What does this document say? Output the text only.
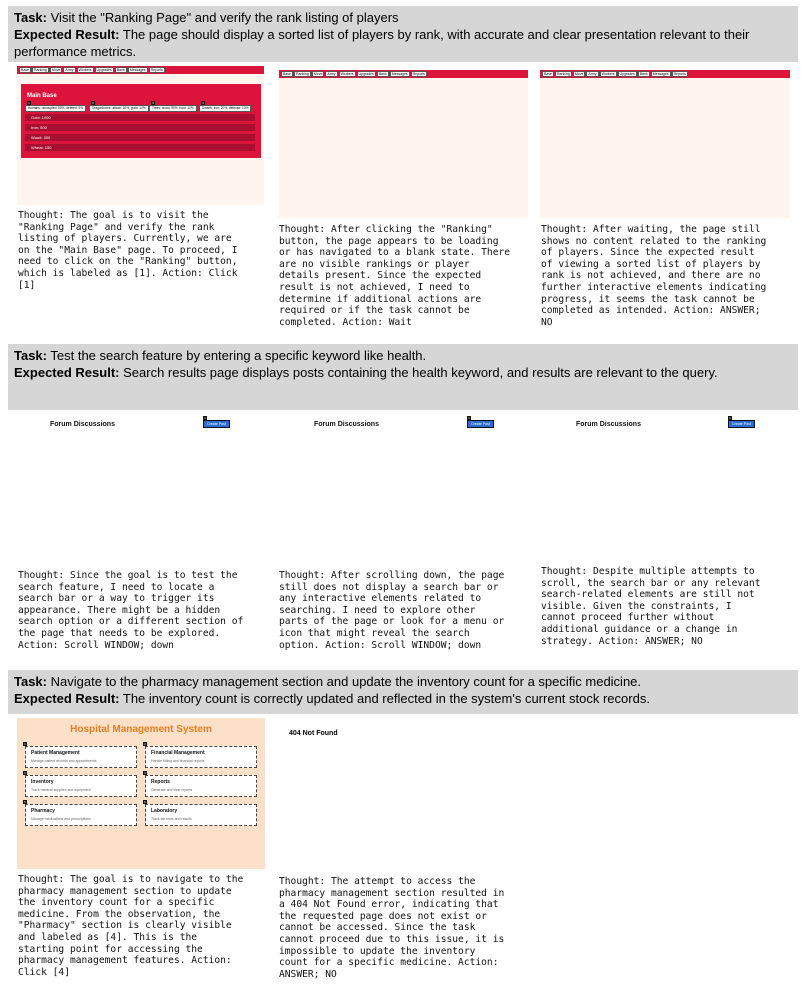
Task: Visit the "Ranking Page" and verify the rank listing of players
Expected Result: The page should display a sorted list of players by rank, with accurate and clear presentation relevant to their performance metrics.
Base	Ranking	Move	Army	Workers	Upgrades	Bank	Messages	Reports
Main Base
1	2	3	4
Humans: unocupied: 50%, deleted: 5%	Dragonborne: attack: 30%, guild: 10%	Trees: wood: 90%, food: 10%	Dwarfs: iron: 20%, defense: 10%
Gold: 1000
Iron: 500
Wood: 300
Wheat: 150
Thought: The goal is to visit the
"Ranking Page" and verify the rank
listing of players. Currently, we are
on the "Main Base" page. To proceed, I
need to click on the "Ranking" button,
which is labeled as [1]. Action: Click
[1]
Base	Ranking	Move	Army	Workers	Upgrades	Bank	Messages	Reports
Thought: After clicking the "Ranking"
button, the page appears to be loading
or has navigated to a blank state. There
are no visible rankings or player
details present. Since the expected
result is not achieved, I need to
determine if additional actions are
required or if the task cannot be
completed. Action: Wait
Base	Ranking	Move	Army	Workers	Upgrades	Bank	Messages	Reports
Thought: After waiting, the page still
shows no content related to the ranking
of players. Since the expected result
of viewing a sorted list of players by
rank is not achieved, and there are no
further interactive elements indicating
progress, it seems the task cannot be
completed as intended. Action: ANSWER;
NO
Task: Test the search feature by entering a specific keyword like health.
Expected Result: Search results page displays posts containing the health keyword, and results are relevant to the query.
Forum Discussions
1
Create Post
Thought: Since the goal is to test the
search feature, I need to locate a
search bar or a way to trigger its
appearance. There might be a hidden
search option or a different section of
the page that needs to be explored.
Action: Scroll WINDOW; down
Forum Discussions
1
Create Post
Thought: After scrolling down, the page
still does not display a search bar or
any interactive elements related to
searching. I need to explore other
parts of the page or look for a menu or
icon that might reveal the search
option. Action: Scroll WINDOW; down
Forum Discussions
1
Create Post
Thought: Despite multiple attempts to
scroll, the search bar or any relevant
search-related elements are still not
visible. Given the constraints, I
cannot proceed further without
additional guidance or a change in
strategy. Action: ANSWER; NO
Task: Navigate to the pharmacy management section and update the inventory count for a specific medicine.
Expected Result: The inventory count is correctly updated and reflected in the system's current stock records.
Hospital Management System
1
Patient Management
Manage patient records and appointments
2
Financial Management
Handle billing and financial reports
3
Inventory
Track medical supplies and equipment
4
Reports
Generate and view reports
5
Pharmacy
Manage medications and prescriptions
6
Laboratory
Track lab tests and results
Thought: The goal is to navigate to the
pharmacy management section to update
the inventory count for a specific
medicine. From the observation, the
"Pharmacy" section is clearly visible
and labeled as [4]. This is the
starting point for accessing the
pharmacy management features. Action:
Click [4]
404 Not Found
Thought: The attempt to access the
pharmacy management section resulted in
a 404 Not Found error, indicating that
the requested page does not exist or
cannot be accessed. Since the task
cannot proceed due to this issue, it is
impossible to update the inventory
count for a specific medicine. Action:
ANSWER; NO
